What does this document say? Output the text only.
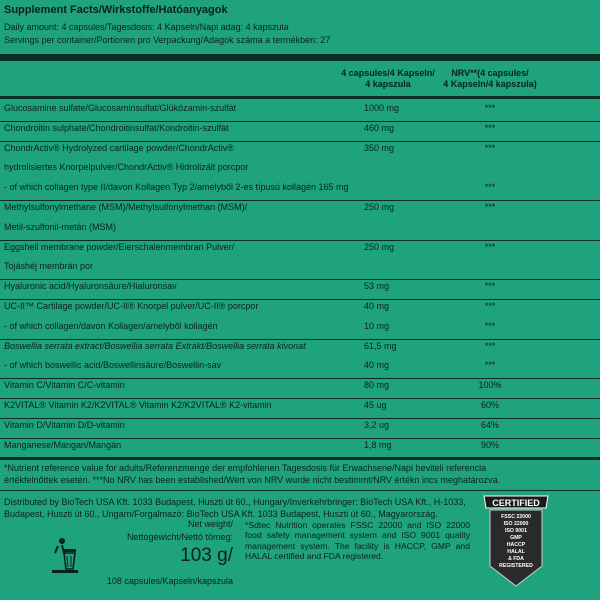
Supplement Facts/Wirkstoffe/Hatóanyagok
Daily amount: 4 capsules/Tagesdosis: 4 Kapseln/Napi adag: 4 kapszula
Servings per container/Portionen pro Verpackung/Adagok száma a termékben: 27
4 capsules/4 Kapseln/
4 kapszula
NRV**(4 capsules/
4 Kapseln/4 kapszula)
Glucosamine sulfate/Glucosaminsulfat/Glükózamin-szulfát	1000 mg	***
Chondroitin sulphate/Chondroitinsulfat/Kondroitin-szulfát	460 mg	***
ChondrActiv® Hydrolyzed cartilage powder/ChondrActiv®	350 mg	***
hydrolisiertes Knorpelpulver/ChondrActiv® Hidrolizált porcpor
- of which collagen type II/davon Kollagen Typ 2/amelyből 2-es típusú kollagén 165 mg	***
Methylsulfonylmethane (MSM)/Methylsulfonylmethan (MSM)/	250 mg	***
Metil-szulfonil-metán (MSM)
Eggshell membrane powder/Eierschalenmembran Pulver/	250 mg	***
Tojáshéj membrán por
Hyaluronic acid/Hyaluronsäure/Hialuronsav	53 mg	***
UC-II™ Cartilage powder/UC-II® Knorpel pulver/UC-II® porcpor	40 mg	***
- of which collagen/davon Kollagen/amelyből kollagén	10 mg	***
Boswellia serrata extract/Boswellia serrata Extrakt/Boswellia serrata kivonat	61,5 mg	***
- of which boswellic acid/Boswellinsäure/Boswellin-sav	40 mg	***
Vitamin C/Vitamin C/C-vitamin	80 mg	100%
K2VITAL® Vitamin K2/K2VITAL® Vitamin K2/K2VITAL® K2-vitamin	45 ug	60%
Vitamin D/Vitamin D/D-vitamin	3,2 ug	64%
Manganese/Mangan/Mangán	1,8 mg	90%
*Nutrient reference value for adults/Referenzmenge der empfohlenen Tagesdosis für Erwachsene/Napi beviteli referencia
értékfelnőttek esetén. ***No NRV has been established/Wert von NRV wurde nicht bestimmt/NRV értékn incs meghatározva.
Distributed by BioTech USA Kft. 1033 Budapest, Huszti út 60., Hungary/Inverkehrbringer: BioTech USA Kft., H-1033,
Budapest, Huszti út 60., Ungarn/Forgalmazó: BioTech USA Kft. 1033 Budapest, Huszti út 60., Magyarország.
Net weight/
Nettogewicht/Nettó tömeg:
103 g/
108 capsules/Kapseln/kapszula
*Sdtec Nutrition operates FSSC 22000 and ISO 22000 food safety management system and ISO 9001 quality management system. The facility is HACCP, GMP and HALAL certified and FDA registered.
CERTIFIED
FSSC 22000
ISO 22000
ISO 9001
GMP
HACCP
HALAL
& FDA
REGISTERED
